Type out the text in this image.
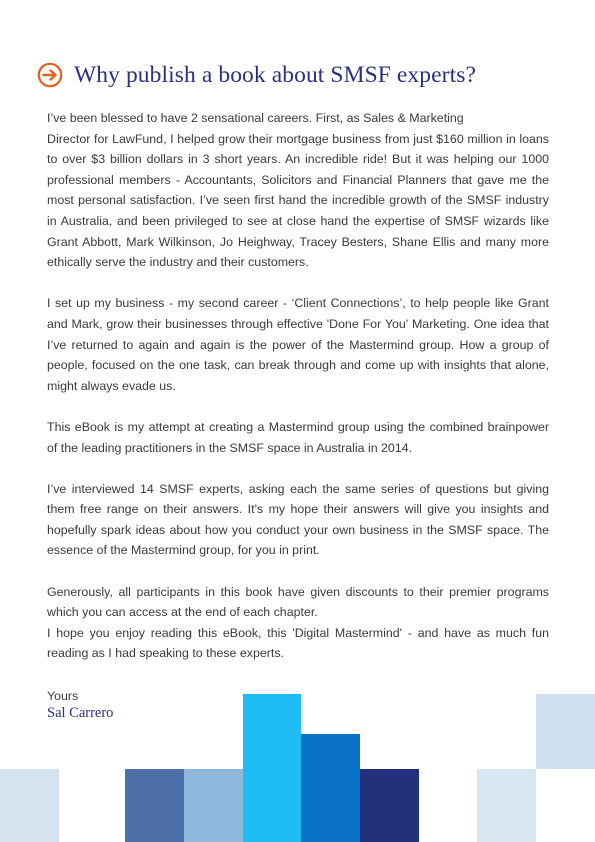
Why publish a book about SMSF experts?

I’ve been blessed to have 2 sensational careers. First, as Sales & Marketing

Director for LawFund, I helped grow their mortgage business from just $160 million in loans to over $3 billion dollars in 3 short years. An incredible ride! But it was helping our 1000 professional members - Accountants, Solicitors and Financial Planners that gave me the most personal satisfaction. I’ve seen first hand the incredible growth of the SMSF industry in Australia, and been privileged to see at close hand the expertise of SMSF wizards like Grant Abbott, Mark Wilkinson, Jo Heighway, Tracey Besters, Shane Ellis and many more ethically serve the industry and their customers.

I set up my business - my second career - ‘Client Connections’, to help people like Grant and Mark, grow their businesses through effective 'Done For You' Marketing. One idea that I’ve returned to again and again is the power of the Mastermind group. How a group of people, focused on the one task, can break through and come up with insights that alone, might always evade us.

This eBook is my attempt at creating a Mastermind group using the combined brainpower of the leading practitioners in the SMSF space in Australia in 2014.

I’ve interviewed 14 SMSF experts, asking each the same series of questions but giving them free range on their answers. It's my hope their answers will give you insights and hopefully spark ideas about how you conduct your own business in the SMSF space. The essence of the Mastermind group, for you in print.

Generously, all participants in this book have given discounts to their premier programs which you can access at the end of each chapter.

I hope you enjoy reading this eBook, this 'Digital Mastermind' - and have as much fun reading as I had speaking to these experts.

Yours
Sal Carrero
